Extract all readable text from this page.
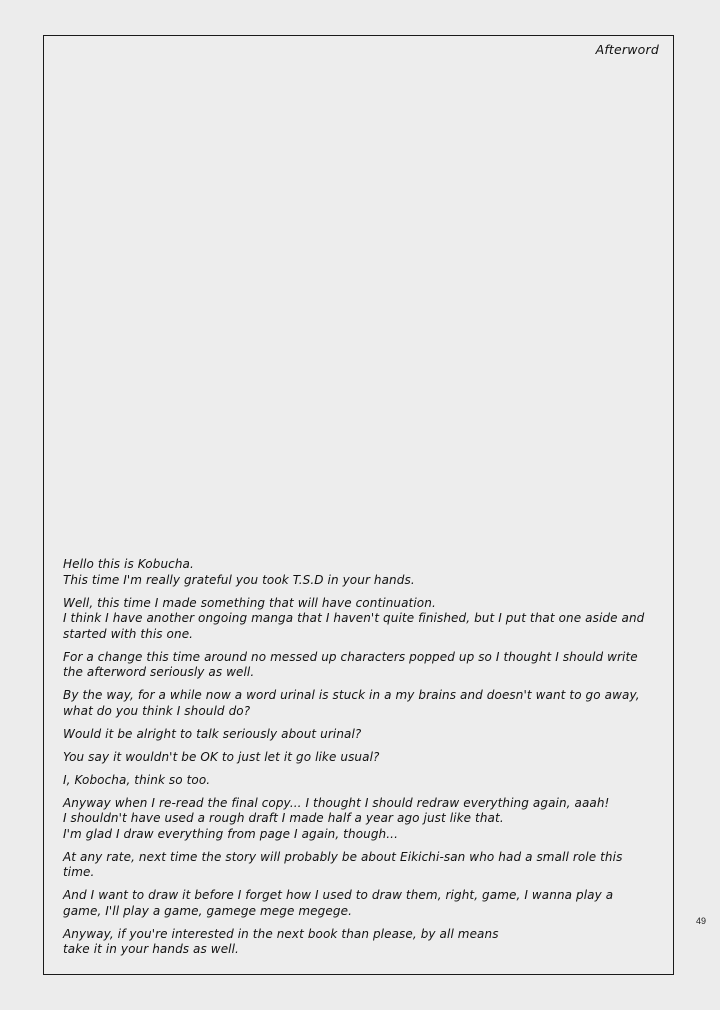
Afterword

Hello this is Kobucha.
This time I'm really grateful you took T.S.D in your hands.

Well, this time I made something that will have continuation.
I think I have another ongoing manga that I haven't quite finished, but I put that one aside and
started with this one.

For a change this time around no messed up characters popped up so I thought I should write
the afterword seriously as well.

By the way, for a while now a word urinal is stuck in a my brains and doesn't want to go away,
what do you think I should do?

Would it be alright to talk seriously about urinal?

You say it wouldn't be OK to just let it go like usual?

I, Kobocha, think so too.

Anyway when I re-read the final copy... I thought I should redraw everything again, aaah!
I shouldn't have used a rough draft I made half a year ago just like that.
I'm glad I draw everything from page I again, though...

At any rate, next time the story will probably be about Eikichi-san who had a small role this
time.

And I want to draw it before I forget how I used to draw them, right, game, I wanna play a
game, I'll play a game, gamege mege megege.

Anyway, if you're interested in the next book than please, by all means
take it in your hands as well.

49
